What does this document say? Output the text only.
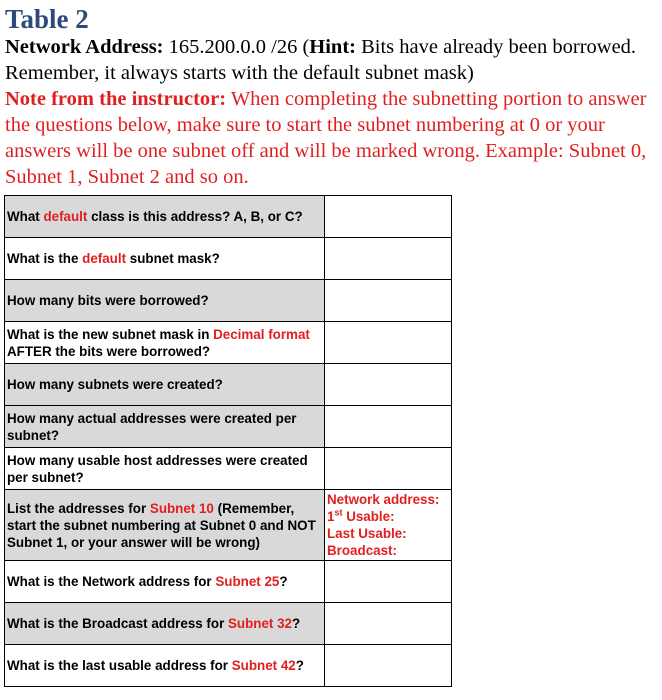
Table 2

Network Address: 165.200.0.0 /26 (Hint: Bits have already been borrowed. Remember, it always starts with the default subnet mask)

Note from the instructor: When completing the subnetting portion to answer the questions below, make sure to start the subnet numbering at 0 or your answers will be one subnet off and will be marked wrong. Example: Subnet 0, Subnet 1, Subnet 2 and so on.

What default class is this address? A, B, or C?	
What is the default subnet mask?	
How many bits were borrowed?	
What is the new subnet mask in Decimal format AFTER the bits were borrowed?	
How many subnets were created?	
How many actual addresses were created per subnet?	
How many usable host addresses were created per subnet?	
List the addresses for Subnet 10 (Remember, start the subnet numbering at Subnet 0 and NOT Subnet 1, or your answer will be wrong)	Network address:
1st Usable:
Last Usable:
Broadcast:

What is the Network address for Subnet 25?	
What is the Broadcast address for Subnet 32?	
What is the last usable address for Subnet 42?	
